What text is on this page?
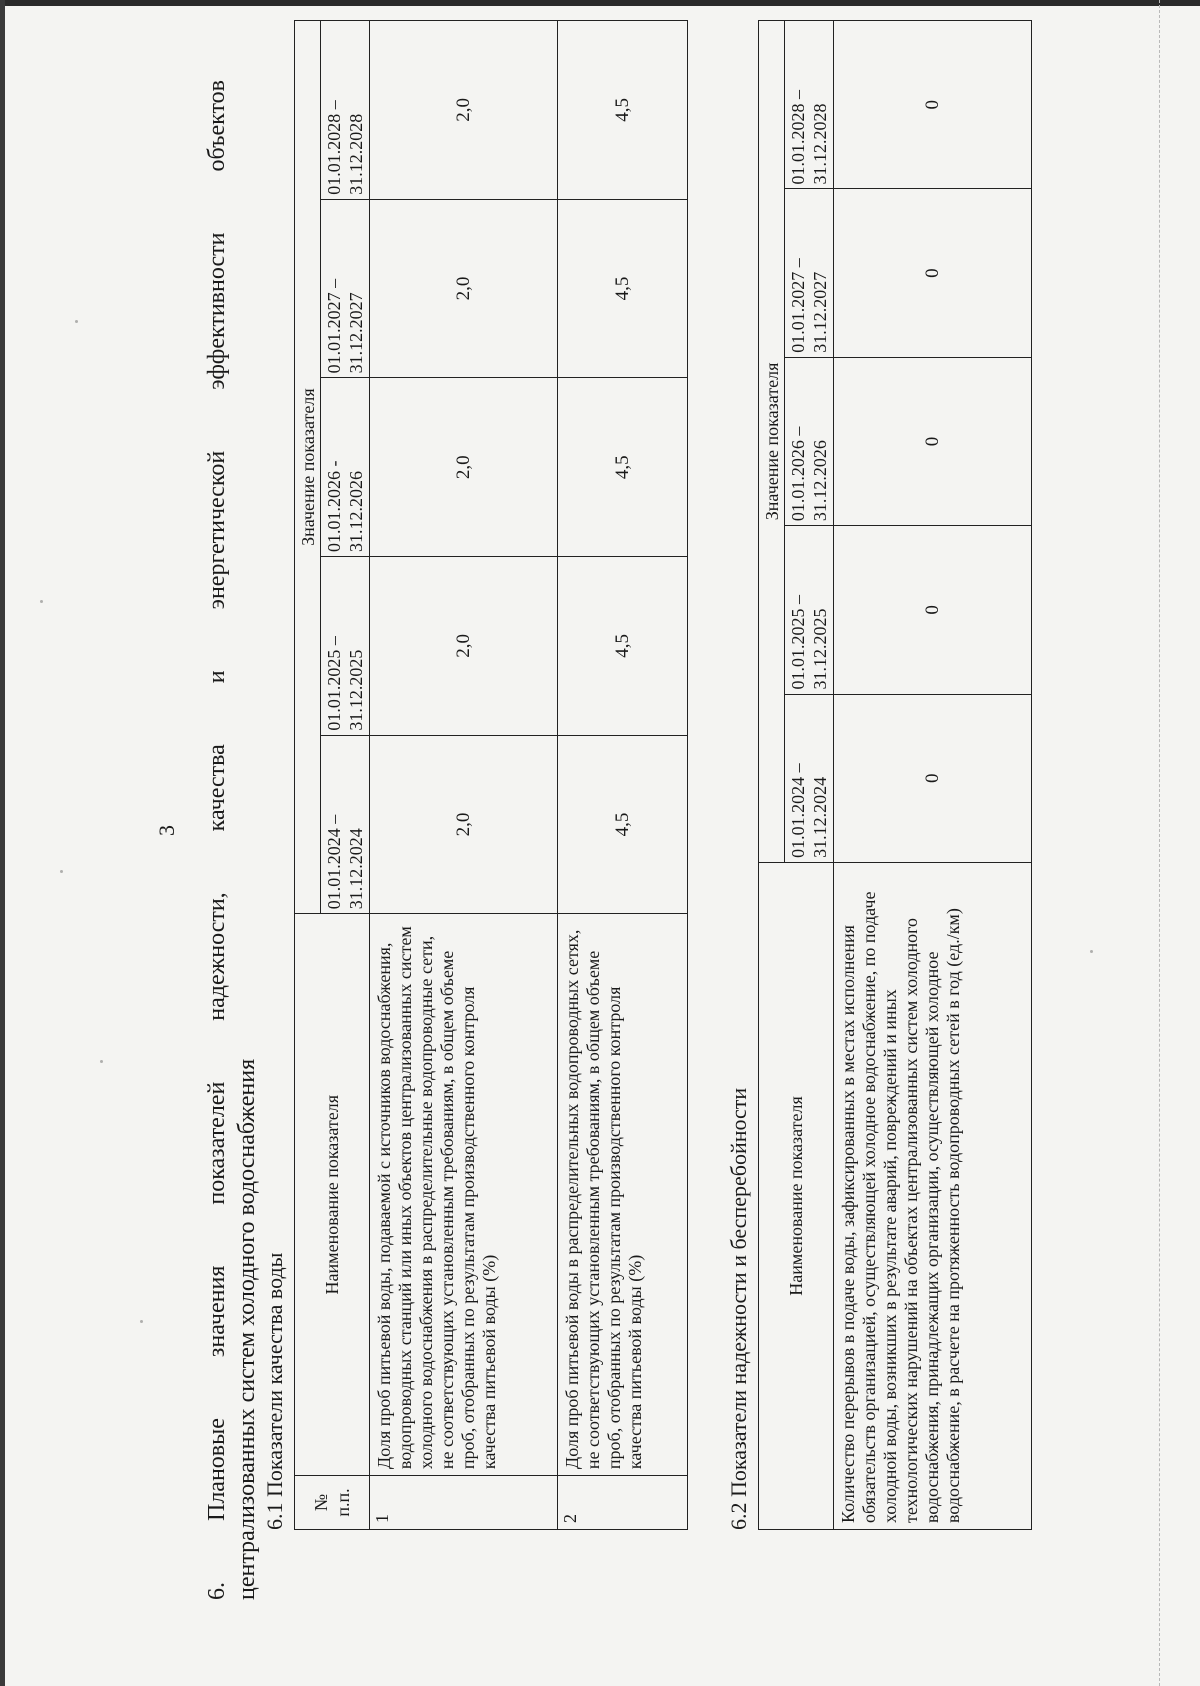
3
6.
Плановые
значения
показателей
надежности,
качества
и
энергетической
эффективности
объектов
централизованных систем холодного водоснабжения 6.1 Показатели качества воды № п.п.	Наименование показателя	Значение показателя				
		01.01.2024 – 31.12.2024	01.01.2025 – 31.12.2025	01.01.2026 - 31.12.2026	01.01.2027 – 31.12.2027	01.01.2028 – 31.12.2028
1	Доля проб питьевой воды, подаваемой с источников водоснабжения, водопроводных станций или иных объектов централизованных систем холодного водоснабжения в распределительные водопроводные сети, не соответствующих установленным требованиям, в общем объеме проб, отобранных по результатам производственного контроля качества питьевой воды (%)	2,0	2,0	2,0	2,0	2,0
2	Доля проб питьевой воды в распределительных водопроводных сетях, не соответствующих установленным требованиям, в общем объеме проб, отобранных по результатам производственного контроля качества питьевой воды (%)	4,5	4,5	4,5	4,5	4,5
6.2 Показатели надежности и бесперебойности Наименование показателя	Значение показателя				
	01.01.2024 – 31.12.2024	01.01.2025 – 31.12.2025	01.01.2026 – 31.12.2026	01.01.2027 – 31.12.2027	01.01.2028 – 31.12.2028
Количество перерывов в подаче воды, зафиксированных в местах исполнения обязательств организацией, осуществляющей холодное водоснабжение, по подаче холодной воды, возникших в результате аварий, повреждений и иных технологических нарушений на объектах централизованных систем холодного водоснабжения, принадлежащих организации, осуществляющей холодное водоснабжение, в расчете на протяженность водопроводных сетей в год (ед./км)	0	0	0	0	0
